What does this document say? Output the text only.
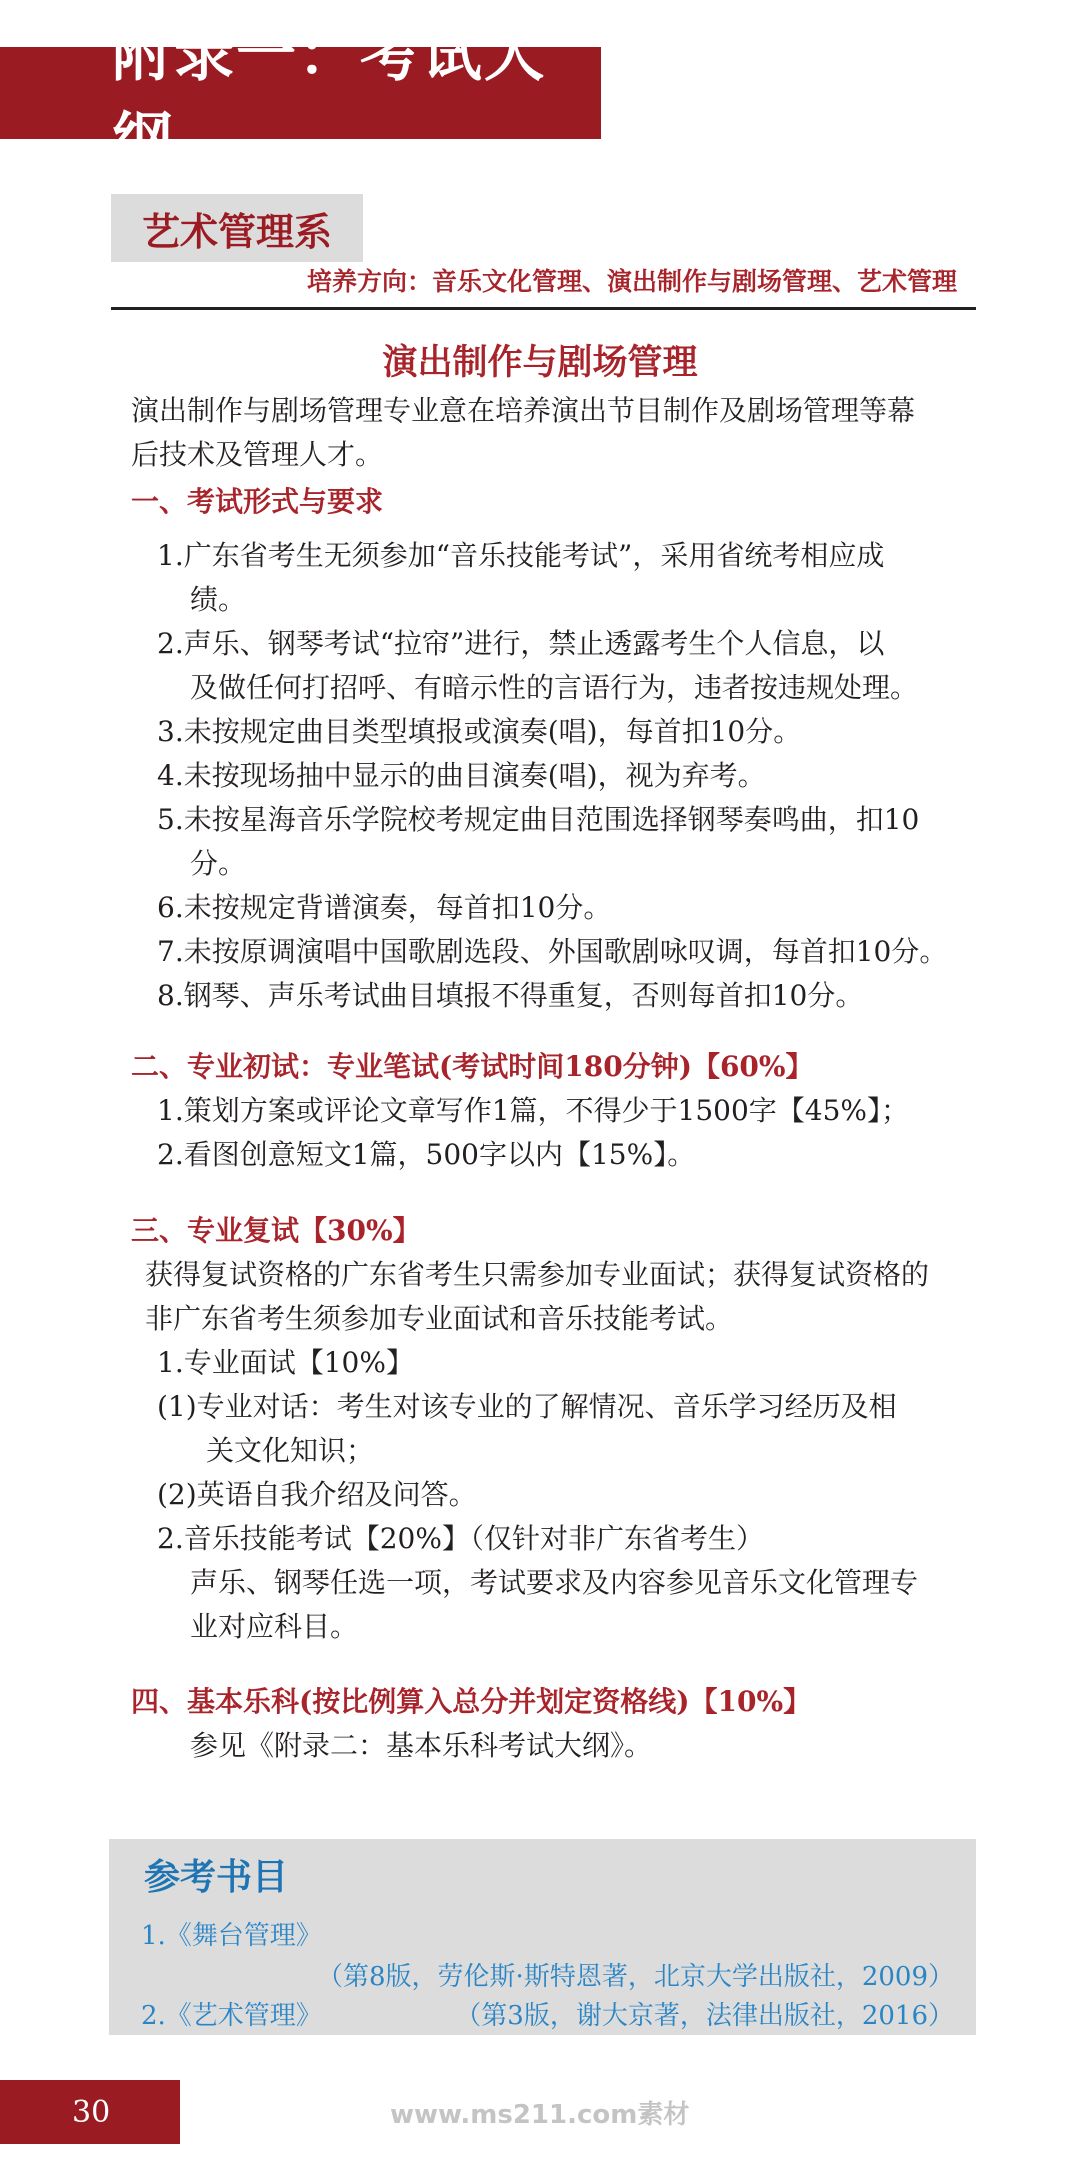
附录一：考试大纲
艺术管理系
培养方向：音乐文化管理、演出制作与剧场管理、艺术管理
演出制作与剧场管理
演出制作与剧场管理专业意在培养演出节目制作及剧场管理等幕
后技术及管理人才。
一、考试形式与要求
1.广东省考生无须参加“音乐技能考试”，采用省统考相应成
绩。
2.声乐、钢琴考试“拉帘”进行，禁止透露考生个人信息，以
及做任何打招呼、有暗示性的言语行为，违者按违规处理。
3.未按规定曲目类型填报或演奏(唱)，每首扣10分。
4.未按现场抽中显示的曲目演奏(唱)，视为弃考。
5.未按星海音乐学院校考规定曲目范围选择钢琴奏鸣曲，扣10
分。
6.未按规定背谱演奏，每首扣10分。
7.未按原调演唱中国歌剧选段、外国歌剧咏叹调，每首扣10分。
8.钢琴、声乐考试曲目填报不得重复，否则每首扣10分。
二、专业初试：专业笔试(考试时间180分钟)【60%】
1.策划方案或评论文章写作1篇，不得少于1500字【45%】；
2.看图创意短文1篇，500字以内【15%】。
三、专业复试【30%】
获得复试资格的广东省考生只需参加专业面试；获得复试资格的
非广东省考生须参加专业面试和音乐技能考试。
1.专业面试【10%】
(1)专业对话：考生对该专业的了解情况、音乐学习经历及相
关文化知识；
(2)英语自我介绍及问答。
2.音乐技能考试【20%】（仅针对非广东省考生）
声乐、钢琴任选一项，考试要求及内容参见音乐文化管理专
业对应科目。
四、基本乐科(按比例算入总分并划定资格线)【10%】
参见《附录二：基本乐科考试大纲》。
参考书目
1.《舞台管理》
（第8版，劳伦斯·斯特恩著，北京大学出版社，2009）
2.《艺术管理》	（第3版，谢大京著，法律出版社，2016）
30	www.ms211.com素材
